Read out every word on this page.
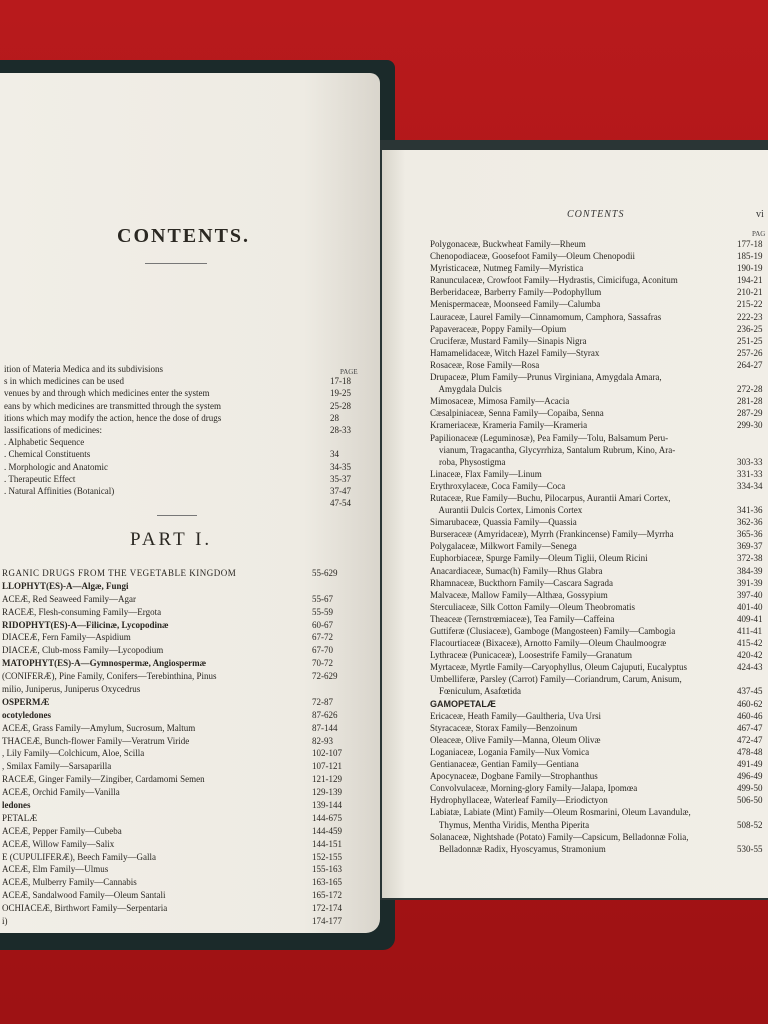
CONTENTS.
PAGE
ition of Materia Medica and its subdivisions
s in which medicines can be used	17-18
venues by and through which medicines enter the system	19-25
eans by which medicines are transmitted through the system	25-28
itions which may modify the action, hence the dose of drugs	28
lassifications of medicines:	28-33
. Alphabetic Sequence
. Chemical Constituents	34
. Morphologic and Anatomic	34-35
. Therapeutic Effect	35-37
. Natural Affinities (Botanical)	37-47
47-54
PART I.
RGANIC DRUGS FROM THE VEGETABLE KINGDOM	55-629
LLOPHYT(ES)-A—Algæ, Fungi
ACEÆ, Red Seaweed Family—Agar	55-67
RACEÆ, Flesh-consuming Family—Ergota	55-59
RIDOPHYT(ES)-A—Filicinæ, Lycopodinæ	60-67
DIACEÆ, Fern Family—Aspidium	67-72
DIACEÆ, Club-moss Family—Lycopodium	67-70
MATOPHYT(ES)-A—Gymnospermæ, Angiospermæ	70-72
(CONIFERÆ), Pine Family, Conifers—Terebinthina, Pinus	72-629
milio, Juniperus, Juniperus Oxycedrus
OSPERMÆ	72-87
ocotyledones	87-626
ACEÆ, Grass Family—Amylum, Sucrosum, Maltum	87-144
THACEÆ, Bunch-flower Family—Veratrum Viride	82-93
, Lily Family—Colchicum, Aloe, Scilla	102-107
, Smilax Family—Sarsaparilla	107-121
RACEÆ, Ginger Family—Zingiber, Cardamomi Semen	121-129
ACEÆ, Orchid Family—Vanilla	129-139
ledones	139-144
PETALÆ	144-675
ACEÆ, Pepper Family—Cubeba	144-459
ACEÆ, Willow Family—Salix	144-151
E (CUPULIFERÆ), Beech Family—Galla	152-155
ACEÆ, Elm Family—Ulmus	155-163
ACEÆ, Mulberry Family—Cannabis	163-165
ACEÆ, Sandalwood Family—Oleum Santali	165-172
OCHIACEÆ, Birthwort Family—Serpentaria	172-174
i)	174-177
CONTENTS	vi
PAG
Polygonaceæ, Buckwheat Family—Rheum	177-18
Chenopodiaceæ, Goosefoot Family—Oleum Chenopodii	185-19
Myristicaceæ, Nutmeg Family—Myristica	190-19
Ranunculaceæ, Crowfoot Family—Hydrastis, Cimicifuga, Aconitum	194-21
Berberidaceæ, Barberry Family—Podophyllum	210-21
Menispermaceæ, Moonseed Family—Calumba	215-22
Lauraceæ, Laurel Family—Cinnamomum, Camphora, Sassafras	222-23
Papaveraceæ, Poppy Family—Opium	236-25
Cruciferæ, Mustard Family—Sinapis Nigra	251-25
Hamamelidaceæ, Witch Hazel Family—Styrax	257-26
Rosaceæ, Rose Family—Rosa	264-27
Drupaceæ, Plum Family—Prunus Virginiana, Amygdala Amara,
Amygdala Dulcis	272-28
Mimosaceæ, Mimosa Family—Acacia	281-28
Cæsalpiniaceæ, Senna Family—Copaiba, Senna	287-29
Krameriaceæ, Krameria Family—Krameria	299-30
Papilionaceæ (Leguminosæ), Pea Family—Tolu, Balsamum Peru-
vianum, Tragacantha, Glycyrrhiza, Santalum Rubrum, Kino, Ara-
roba, Physostigma	303-33
Linaceæ, Flax Family—Linum	331-33
Erythroxylaceæ, Coca Family—Coca	334-34
Rutaceæ, Rue Family—Buchu, Pilocarpus, Aurantii Amari Cortex,
Aurantii Dulcis Cortex, Limonis Cortex	341-36
Simarubaceæ, Quassia Family—Quassia	362-36
Burseraceæ (Amyridaceæ), Myrrh (Frankincense) Family—Myrrha	365-36
Polygalaceæ, Milkwort Family—Senega	369-37
Euphorbiaceæ, Spurge Family—Oleum Tiglii, Oleum Ricini	372-38
Anacardiaceæ, Sumac(h) Family—Rhus Glabra	384-39
Rhamnaceæ, Buckthorn Family—Cascara Sagrada	391-39
Malvaceæ, Mallow Family—Althæa, Gossypium	397-40
Sterculiaceæ, Silk Cotton Family—Oleum Theobromatis	401-40
Theaceæ (Ternstrœmiaceæ), Tea Family—Caffeina	409-41
Guttiferæ (Clusiaceæ), Gamboge (Mangosteen) Family—Cambogia	411-41
Flacourtiaceæ (Bixaceæ), Arnotto Family—Oleum Chaulmoogræ	415-42
Lythraceæ (Punicaceæ), Loosestrife Family—Granatum	420-42
Myrtaceæ, Myrtle Family—Caryophyllus, Oleum Cajuputi, Eucalyptus	424-43
Umbelliferæ, Parsley (Carrot) Family—Coriandrum, Carum, Anisum,
Fœniculum, Asafœtida	437-45
GAMOPETALÆ	460-62
Ericaceæ, Heath Family—Gaultheria, Uva Ursi	460-46
Styracaceæ, Storax Family—Benzoinum	467-47
Oleaceæ, Olive Family—Manna, Oleum Olivæ	472-47
Loganiaceæ, Logania Family—Nux Vomica	478-48
Gentianaceæ, Gentian Family—Gentiana	491-49
Apocynaceæ, Dogbane Family—Strophanthus	496-49
Convolvulaceæ, Morning-glory Family—Jalapa, Ipomœa	499-50
Hydrophyllaceæ, Waterleaf Family—Eriodictyon	506-50
Labiatæ, Labiate (Mint) Family—Oleum Rosmarini, Oleum Lavandulæ,
Thymus, Mentha Viridis, Mentha Piperita	508-52
Solanaceæ, Nightshade (Potato) Family—Capsicum, Belladonnæ Folia,
Belladonnæ Radix, Hyoscyamus, Stramonium	530-55
